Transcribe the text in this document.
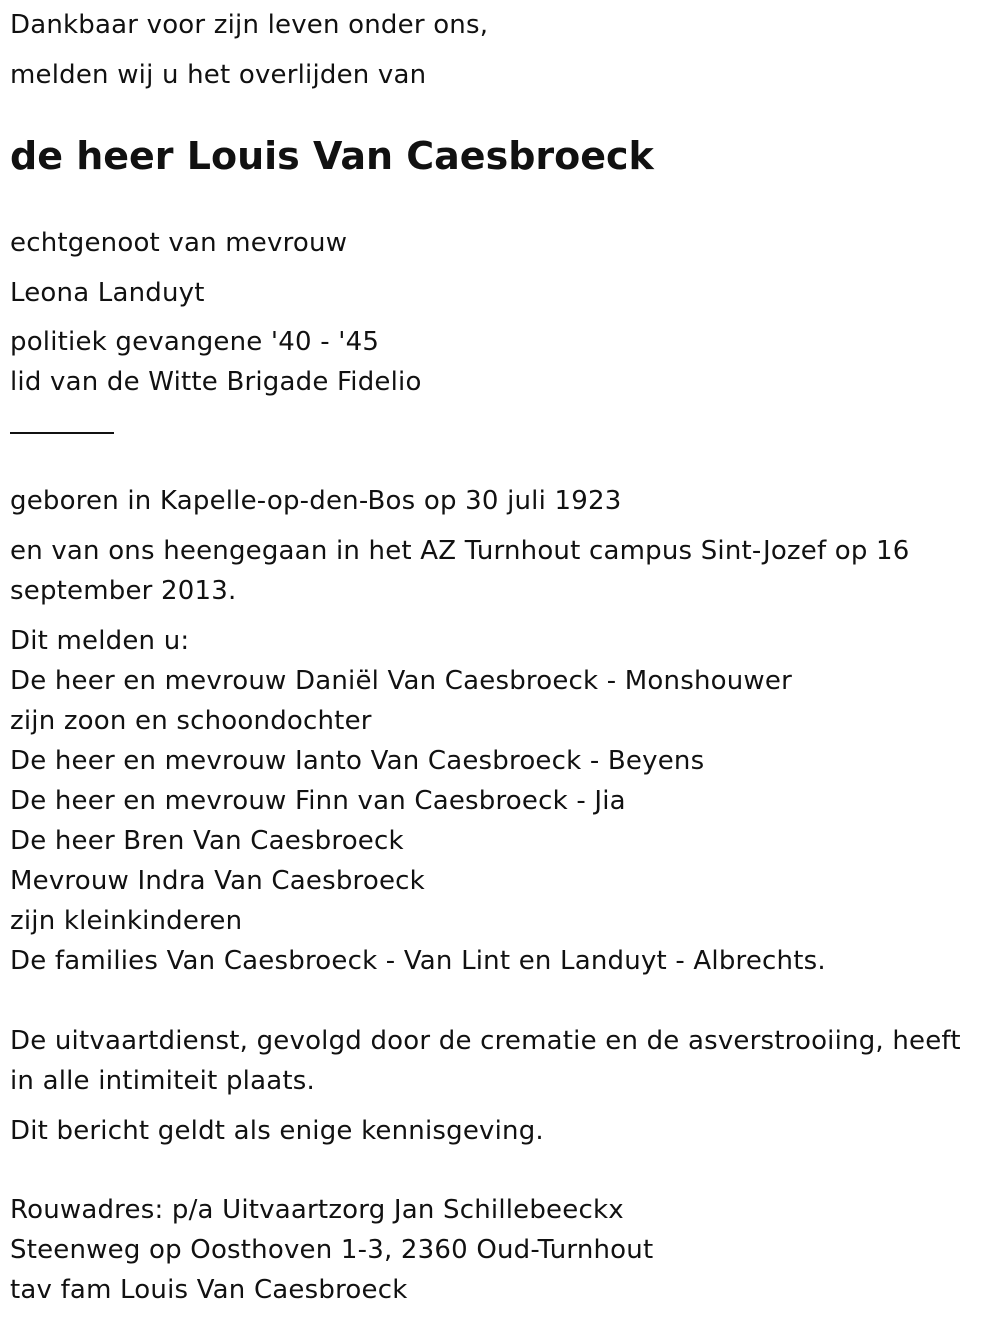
Dankbaar voor zijn leven onder ons,
melden wij u het overlijden van
de heer Louis Van Caesbroeck
echtgenoot van mevrouw
Leona Landuyt
politiek gevangene '40 - '45
lid van de Witte Brigade Fidelio
geboren in Kapelle-op-den-Bos op 30 juli 1923
en van ons heengegaan in het AZ Turnhout campus Sint-Jozef op 16
september 2013.
Dit melden u:
De heer en mevrouw Daniël Van Caesbroeck - Monshouwer
zijn zoon en schoondochter
De heer en mevrouw Ianto Van Caesbroeck - Beyens
De heer en mevrouw Finn van Caesbroeck - Jia
De heer Bren Van Caesbroeck
Mevrouw Indra Van Caesbroeck
zijn kleinkinderen
De families Van Caesbroeck - Van Lint en Landuyt - Albrechts.
De uitvaartdienst, gevolgd door de crematie en de asverstrooiing, heeft
in alle intimiteit plaats.
Dit bericht geldt als enige kennisgeving.
Rouwadres: p/a Uitvaartzorg Jan Schillebeeckx
Steenweg op Oosthoven 1-3, 2360 Oud-Turnhout
tav fam Louis Van Caesbroeck
